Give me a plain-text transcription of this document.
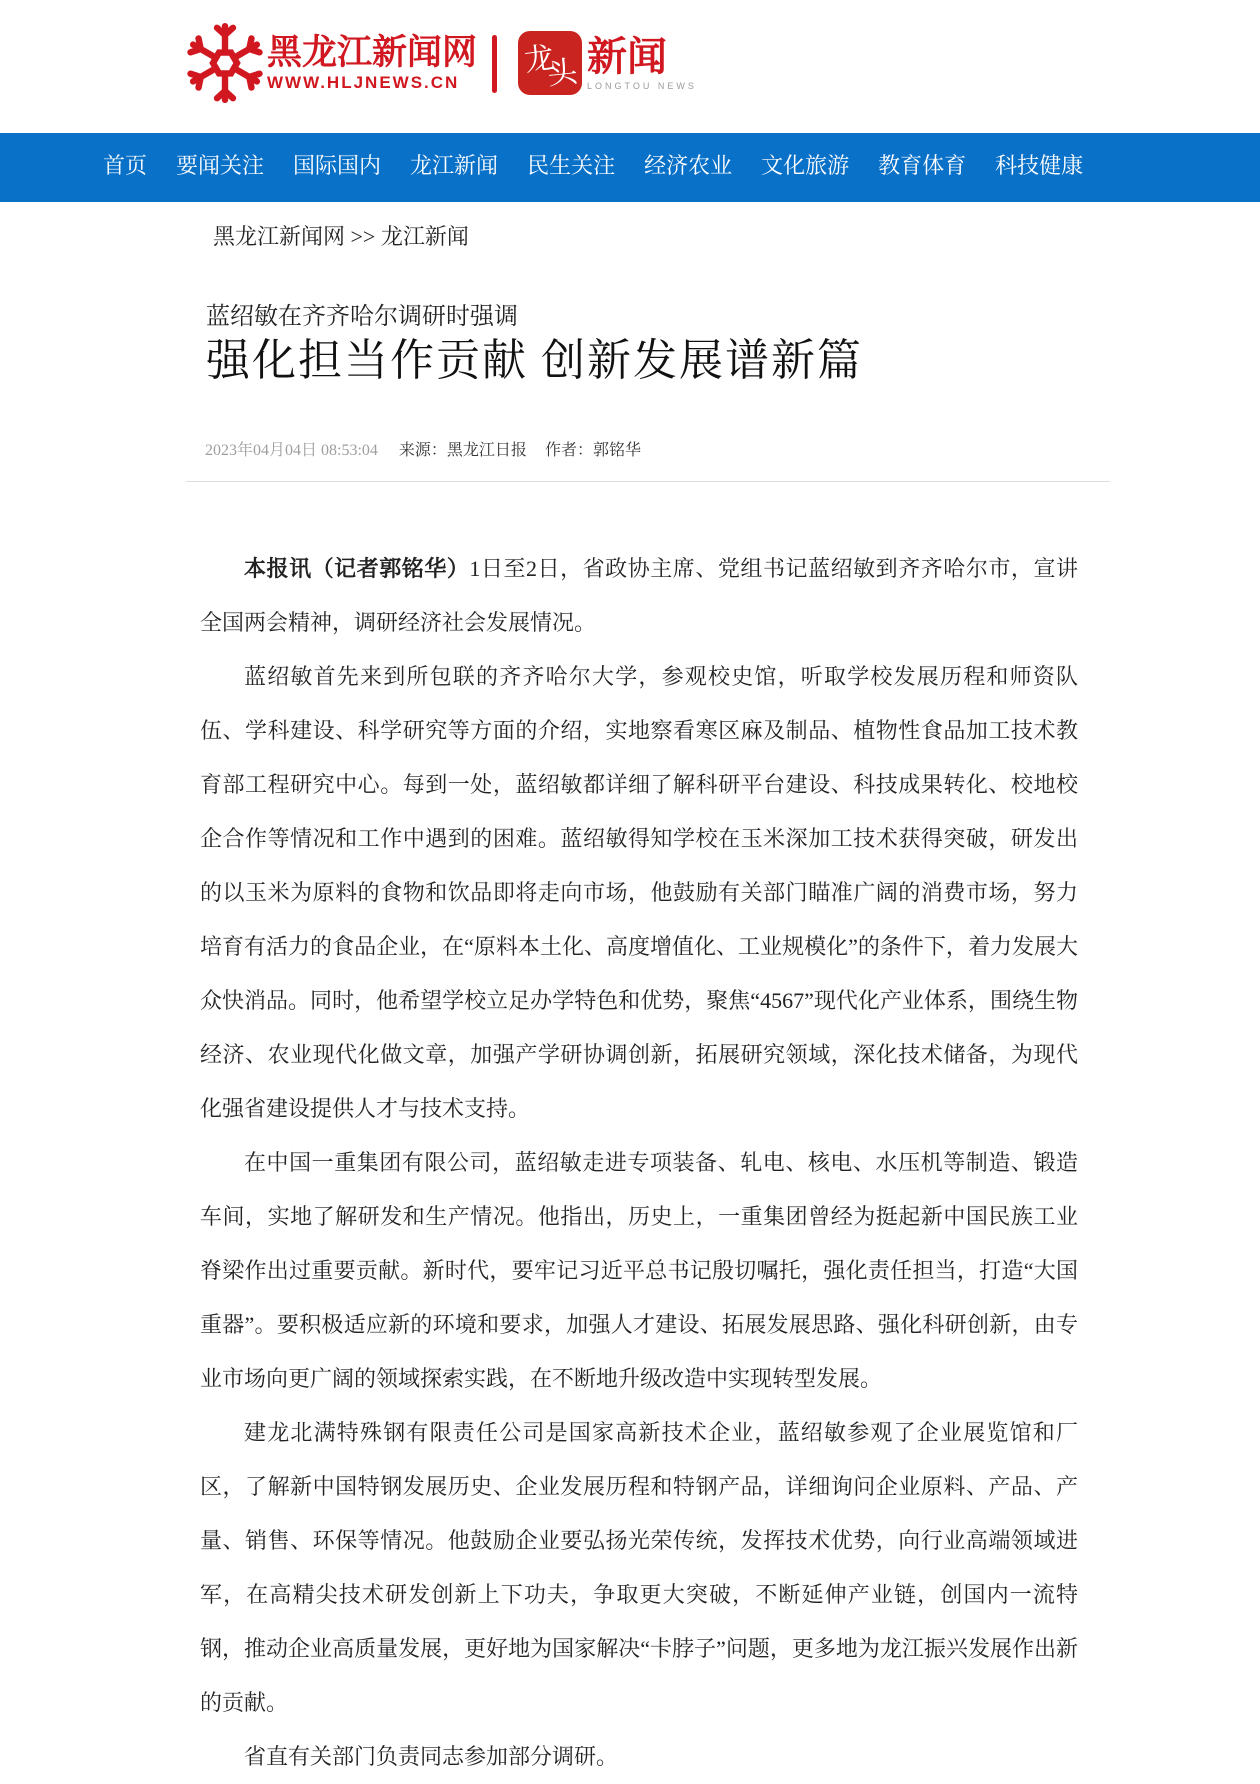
黑龙江新闻网
WWW.HLJNEWS.CN
龙
头 新闻
LONGTOU NEWS
首页 要闻关注 国际国内 龙江新闻 民生关注 经济农业 文化旅游 教育体育 科技健康
黑龙江新闻网 >> 龙江新闻
蓝绍敏在齐齐哈尔调研时强调
强化担当作贡献 创新发展谱新篇
2023年04月04日 08:53:04 来源：黑龙江日报 作者：郭铭华

本报讯（记者郭铭华）1日至2日，省政协主席、党组书记蓝绍敏到齐齐哈尔市，宣讲全国两会精神，调研经济社会发展情况。

蓝绍敏首先来到所包联的齐齐哈尔大学，参观校史馆，听取学校发展历程和师资队伍、学科建设、科学研究等方面的介绍，实地察看寒区麻及制品、植物性食品加工技术教育部工程研究中心。每到一处，蓝绍敏都详细了解科研平台建设、科技成果转化、校地校企合作等情况和工作中遇到的困难。蓝绍敏得知学校在玉米深加工技术获得突破，研发出的以玉米为原料的食物和饮品即将走向市场，他鼓励有关部门瞄准广阔的消费市场，努力培育有活力的食品企业，在“原料本土化、高度增值化、工业规模化”的条件下，着力发展大众快消品。同时，他希望学校立足办学特色和优势，聚焦“4567”现代化产业体系，围绕生物经济、农业现代化做文章，加强产学研协调创新，拓展研究领域，深化技术储备，为现代化强省建设提供人才与技术支持。

在中国一重集团有限公司，蓝绍敏走进专项装备、轧电、核电、水压机等制造、锻造车间，实地了解研发和生产情况。他指出，历史上，一重集团曾经为挺起新中国民族工业脊梁作出过重要贡献。新时代，要牢记习近平总书记殷切嘱托，强化责任担当，打造“大国重器”。要积极适应新的环境和要求，加强人才建设、拓展发展思路、强化科研创新，由专业市场向更广阔的领域探索实践，在不断地升级改造中实现转型发展。

建龙北满特殊钢有限责任公司是国家高新技术企业，蓝绍敏参观了企业展览馆和厂区，了解新中国特钢发展历史、企业发展历程和特钢产品，详细询问企业原料、产品、产量、销售、环保等情况。他鼓励企业要弘扬光荣传统，发挥技术优势，向行业高端领域进军，在高精尖技术研发创新上下功夫，争取更大突破，不断延伸产业链，创国内一流特钢，推动企业高质量发展，更好地为国家解决“卡脖子”问题，更多地为龙江振兴发展作出新的贡献。

省直有关部门负责同志参加部分调研。
